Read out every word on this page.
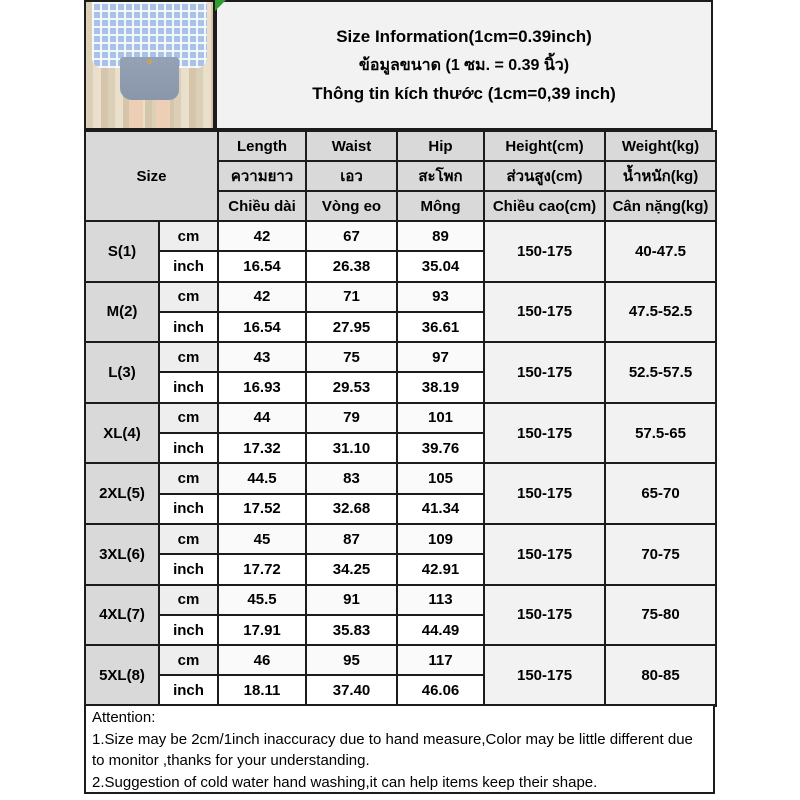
Size Information(1cm=0.39inch)
ข้อมูลขนาด (1 ซม. = 0.39 นิ้ว)
Thông tin kích thước (1cm=0,39 inch)
Size		Length	Waist	Hip	Height(cm)	Weight(kg)
		ความยาว	เอว	สะโพก	ส่วนสูง(cm)	น้ำหนัก(kg)
		Chiều dài	Vòng eo	Mông	Chiều cao(cm)	Cân nặng(kg)
S(1)	cm	42	67	89	150-175	40-47.5
	inch	16.54	26.38	35.04		
M(2)	cm	42	71	93	150-175	47.5-52.5
	inch	16.54	27.95	36.61		
L(3)	cm	43	75	97	150-175	52.5-57.5
	inch	16.93	29.53	38.19		
XL(4)	cm	44	79	101	150-175	57.5-65
	inch	17.32	31.10	39.76		
2XL(5)	cm	44.5	83	105	150-175	65-70
	inch	17.52	32.68	41.34		
3XL(6)	cm	45	87	109	150-175	70-75
	inch	17.72	34.25	42.91		
4XL(7)	cm	45.5	91	113	150-175	75-80
	inch	17.91	35.83	44.49		
5XL(8)	cm	46	95	117	150-175	80-85
	inch	18.11	37.40	46.06		
Attention:
1.Size may be 2cm/1inch inaccuracy due to hand measure,Color may be little different due to monitor ,thanks for your understanding.
2.Suggestion of cold water hand washing,it can help items keep their shape.
